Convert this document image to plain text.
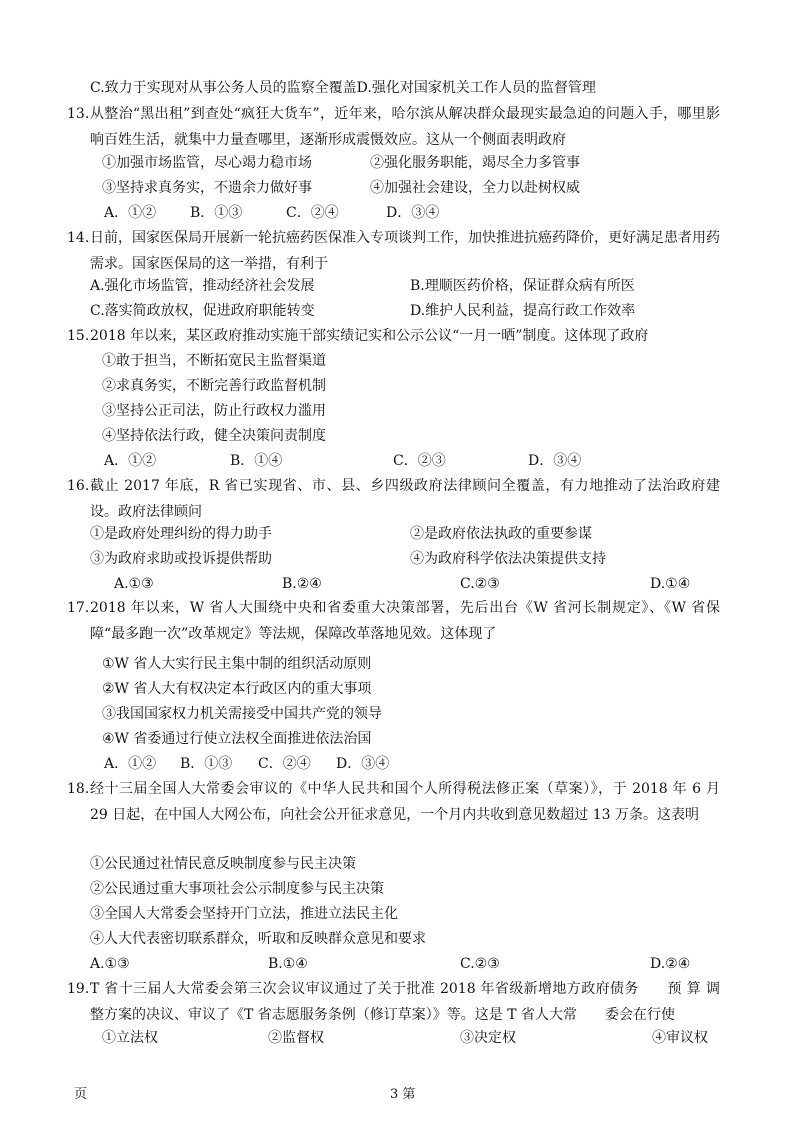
C.致力于实现对从事公务人员的监察全覆盖D.强化对国家机关工作人员的监督管理
13. 从整治“黑出租”到查处“疯狂大货车”，近年来，哈尔滨从解决群众最现实最急迫的问题入手，哪里影响百姓生活，就集中力量查哪里，逐渐形成震慑效应。这从一个侧面表明政府
①加强市场监管，尽心竭力稳市场	②强化服务职能，竭尽全力多管事
③坚持求真务实，不遗余力做好事	④加强社会建设，全力以赴树权威
A．①② B．①③	C．②④	D．③④
14. 日前，国家医保局开展新一轮抗癌药医保准入专项谈判工作，加快推进抗癌药降价，更好满足患者用药需求。国家医保局的这一举措，有利于
A.强化市场监管，推动经济社会发展	B.理顺医药价格，保证群众病有所医
C.落实简政放权，促进政府职能转变	D.维护人民利益，提高行政工作效率
15. 2018 年以来，某区政府推动实施干部实绩记实和公示公议“一月一晒”制度。这体现了政府
①敢于担当，不断拓宽民主监督渠道
②求真务实，不断完善行政监督机制
③坚持公正司法，防止行政权力滥用
④坚持依法行政，健全决策问责制度
A．①②	B．①④	C．②③	D．③④
16. 截止 2017 年底，R 省已实现省、市、县、乡四级政府法律顾问全覆盖，有力地推动了法治政府建设。政府法律顾问
①是政府处理纠纷的得力助手	②是政府依法执政的重要参谋
③为政府求助或投诉提供帮助	④为政府科学依法决策提供支持
A.①③	B.②④	C.②③	D.①④
17. 2018 年以来，W 省人大围绕中央和省委重大决策部署，先后出台《W 省河长制规定》、《W 省保障“最多跑一次”改革规定》等法规，保障改革落地见效。这体现了
①W 省人大实行民主集中制的组织活动原则
②W 省人大有权决定本行政区内的重大事项
③我国国家权力机关需接受中国共产党的领导
④W 省委通过行使立法权全面推进依法治国
A．①② B．①③ C．②④ D．③④
18. 经十三届全国人大常委会审议的《中华人民共和国个人所得税法修正案（草案）》，于 2018 年 6 月 29 日起，在中国人大网公布，向社会公开征求意见，一个月内共收到意见数超过 13 万条。这表明
①公民通过社情民意反映制度参与民主决策
②公民通过重大事项社会公示制度参与民主决策
③全国人大常委会坚持开门立法，推进立法民主化
④人大代表密切联系群众，听取和反映群众意见和要求
A.①③	B.①④	C.②③	D.②④
19. T 省十三届人大常委会第三次会议审议通过了关于批准 2018 年省级新增地方政府债务　　预 算 调 整方案的决议、审议了《T 省志愿服务条例（修订草案）》等。这是 T 省人大常　　委会在行使
①立法权	②监督权	③决定权	④审议权
页	3 第
